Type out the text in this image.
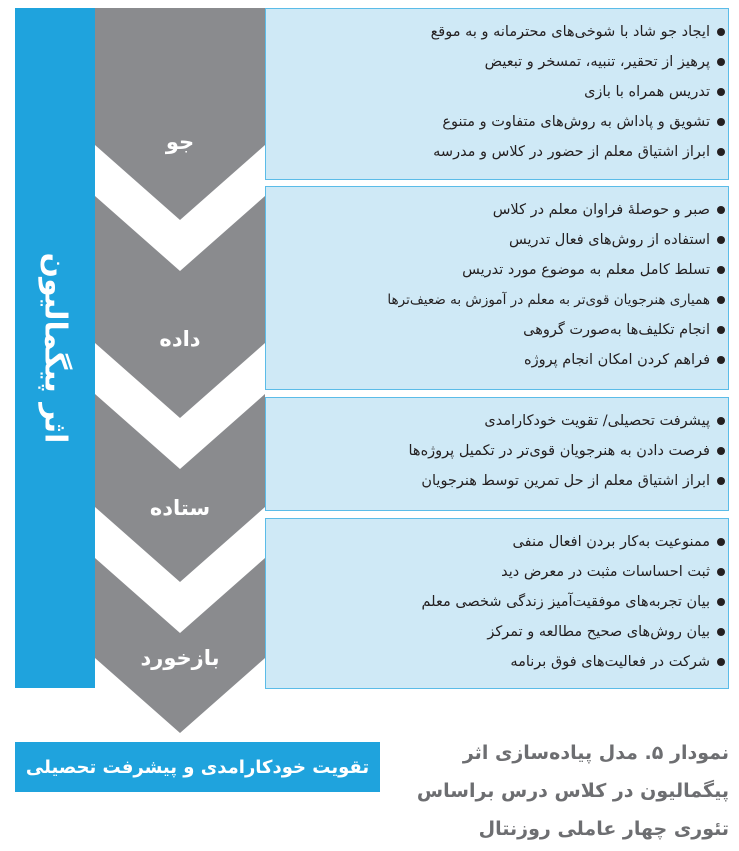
اثر پیگمالیون
جو
داده
ستاده
بازخورد
ایجاد جو شاد با شوخی‌های محترمانه و به موقع
پرهیز از تحقیر، تنبیه، تمسخر و تبعیض
تدریس همراه با بازی
تشویق و پاداش به روش‌های متفاوت و متنوع
ابراز اشتیاق معلم از حضور در کلاس و مدرسه
صبر و حوصلهٔ فراوان معلم در کلاس
استفاده از روش‌های فعال تدریس
تسلط کامل معلم به موضوع مورد تدریس
همیاری هنرجویان قوی‌تر به معلم در آموزش به ضعیف‌ترها
انجام تکلیف‌ها به‌صورت گروهی
فراهم کردن امکان انجام پروژه
پیشرفت تحصیلی/ تقویت خودکارامدی
فرصت دادن به هنرجویان قوی‌تر در تکمیل پروژه‌ها
ابراز اشتیاق معلم از حل تمرین توسط هنرجویان
ممنوعیت به‌کار بردن افعال منفی
ثبت احساسات مثبت در معرض دید
بیان تجربه‌های موفقیت‌آمیز زندگی شخصی معلم
بیان روش‌های صحیح مطالعه و تمرکز
شرکت در فعالیت‌های فوق برنامه
تقویت خودکارامدی و پیشرفت تحصیلی
نمودار ۵. مدل پیاده‌سازی اثر پیگمالیون در کلاس درس براساس تئوری چهار عاملی روزنتال
